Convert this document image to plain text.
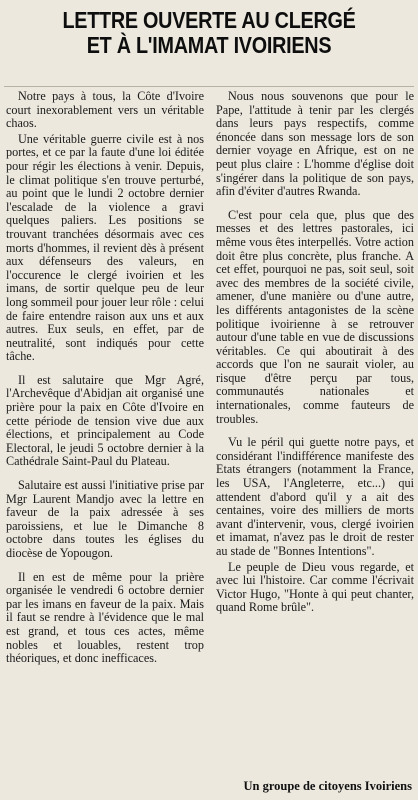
LETTRE OUVERTE AU CLERGÉ
ET À L'IMAMAT IVOIRIENS

Notre pays à tous, la Côte d'Ivoire court inexorablement vers un véritable chaos.

Une véritable guerre civile est à nos portes, et ce par la faute d'une loi éditée pour régir les élections à venir. Depuis, le climat politique s'en trouve perturbé, au point que le lundi 2 octobre dernier l'escalade de la violence a gravi quelques paliers. Les positions se trouvant tranchées désormais avec ces morts d'hommes, il revient dès à présent aux défenseurs des valeurs, en l'occurence le clergé ivoirien et les imans, de sortir quelque peu de leur long sommeil pour jouer leur rôle : celui de faire entendre raison aux uns et aux autres. Eux seuls, en effet, par de neutralité, sont indiqués pour cette tâche.

Il est salutaire que Mgr Agré, l'Archevêque d'Abidjan ait organisé une prière pour la paix en Côte d'Ivoire en cette période de tension vive due aux élections, et principalement au Code Electoral, le jeudi 5 octobre dernier à la Cathédrale Saint-Paul du Plateau.

Salutaire est aussi l'initiative prise par Mgr Laurent Mandjo avec la lettre en faveur de la paix adressée à ses paroissiens, et lue le Dimanche 8 octobre dans toutes les églises du diocèse de Yopougon.

Il en est de même pour la prière organisée le vendredi 6 octobre dernier par les imans en faveur de la paix. Mais il faut se rendre à l'évidence que le mal est grand, et tous ces actes, même nobles et louables, restent trop théoriques, et donc inefficaces.

Nous nous souvenons que pour le Pape, l'attitude à tenir par les clergés dans leurs pays respectifs, comme énoncée dans son message lors de son dernier voyage en Afrique, est on ne peut plus claire : L'homme d'église doit s'ingérer dans la politique de son pays, afin d'éviter d'autres Rwanda.

C'est pour cela que, plus que des messes et des lettres pastorales, ici même vous êtes interpellés. Votre action doit être plus concrète, plus franche. A cet effet, pourquoi ne pas, soit seul, soit avec des membres de la société civile, amener, d'une manière ou d'une autre, les différents antagonistes de la scène politique ivoirienne à se retrouver autour d'une table en vue de discussions véritables. Ce qui aboutirait à des accords que l'on ne saurait violer, au risque d'être perçu par tous, communautés nationales et internationales, comme fauteurs de troubles.

Vu le péril qui guette notre pays, et considérant l'indifférence manifeste des Etats étrangers (notamment la France, les USA, l'Angleterre, etc...) qui attendent d'abord qu'il y a ait des centaines, voire des milliers de morts avant d'intervenir, vous, clergé ivoirien et imamat, n'avez pas le droit de rester au stade de "Bonnes Intentions".

Le peuple de Dieu vous regarde, et avec lui l'histoire. Car comme l'écrivait Victor Hugo, "Honte à qui peut chanter, quand Rome brûle".

Un groupe de citoyens Ivoiriens
